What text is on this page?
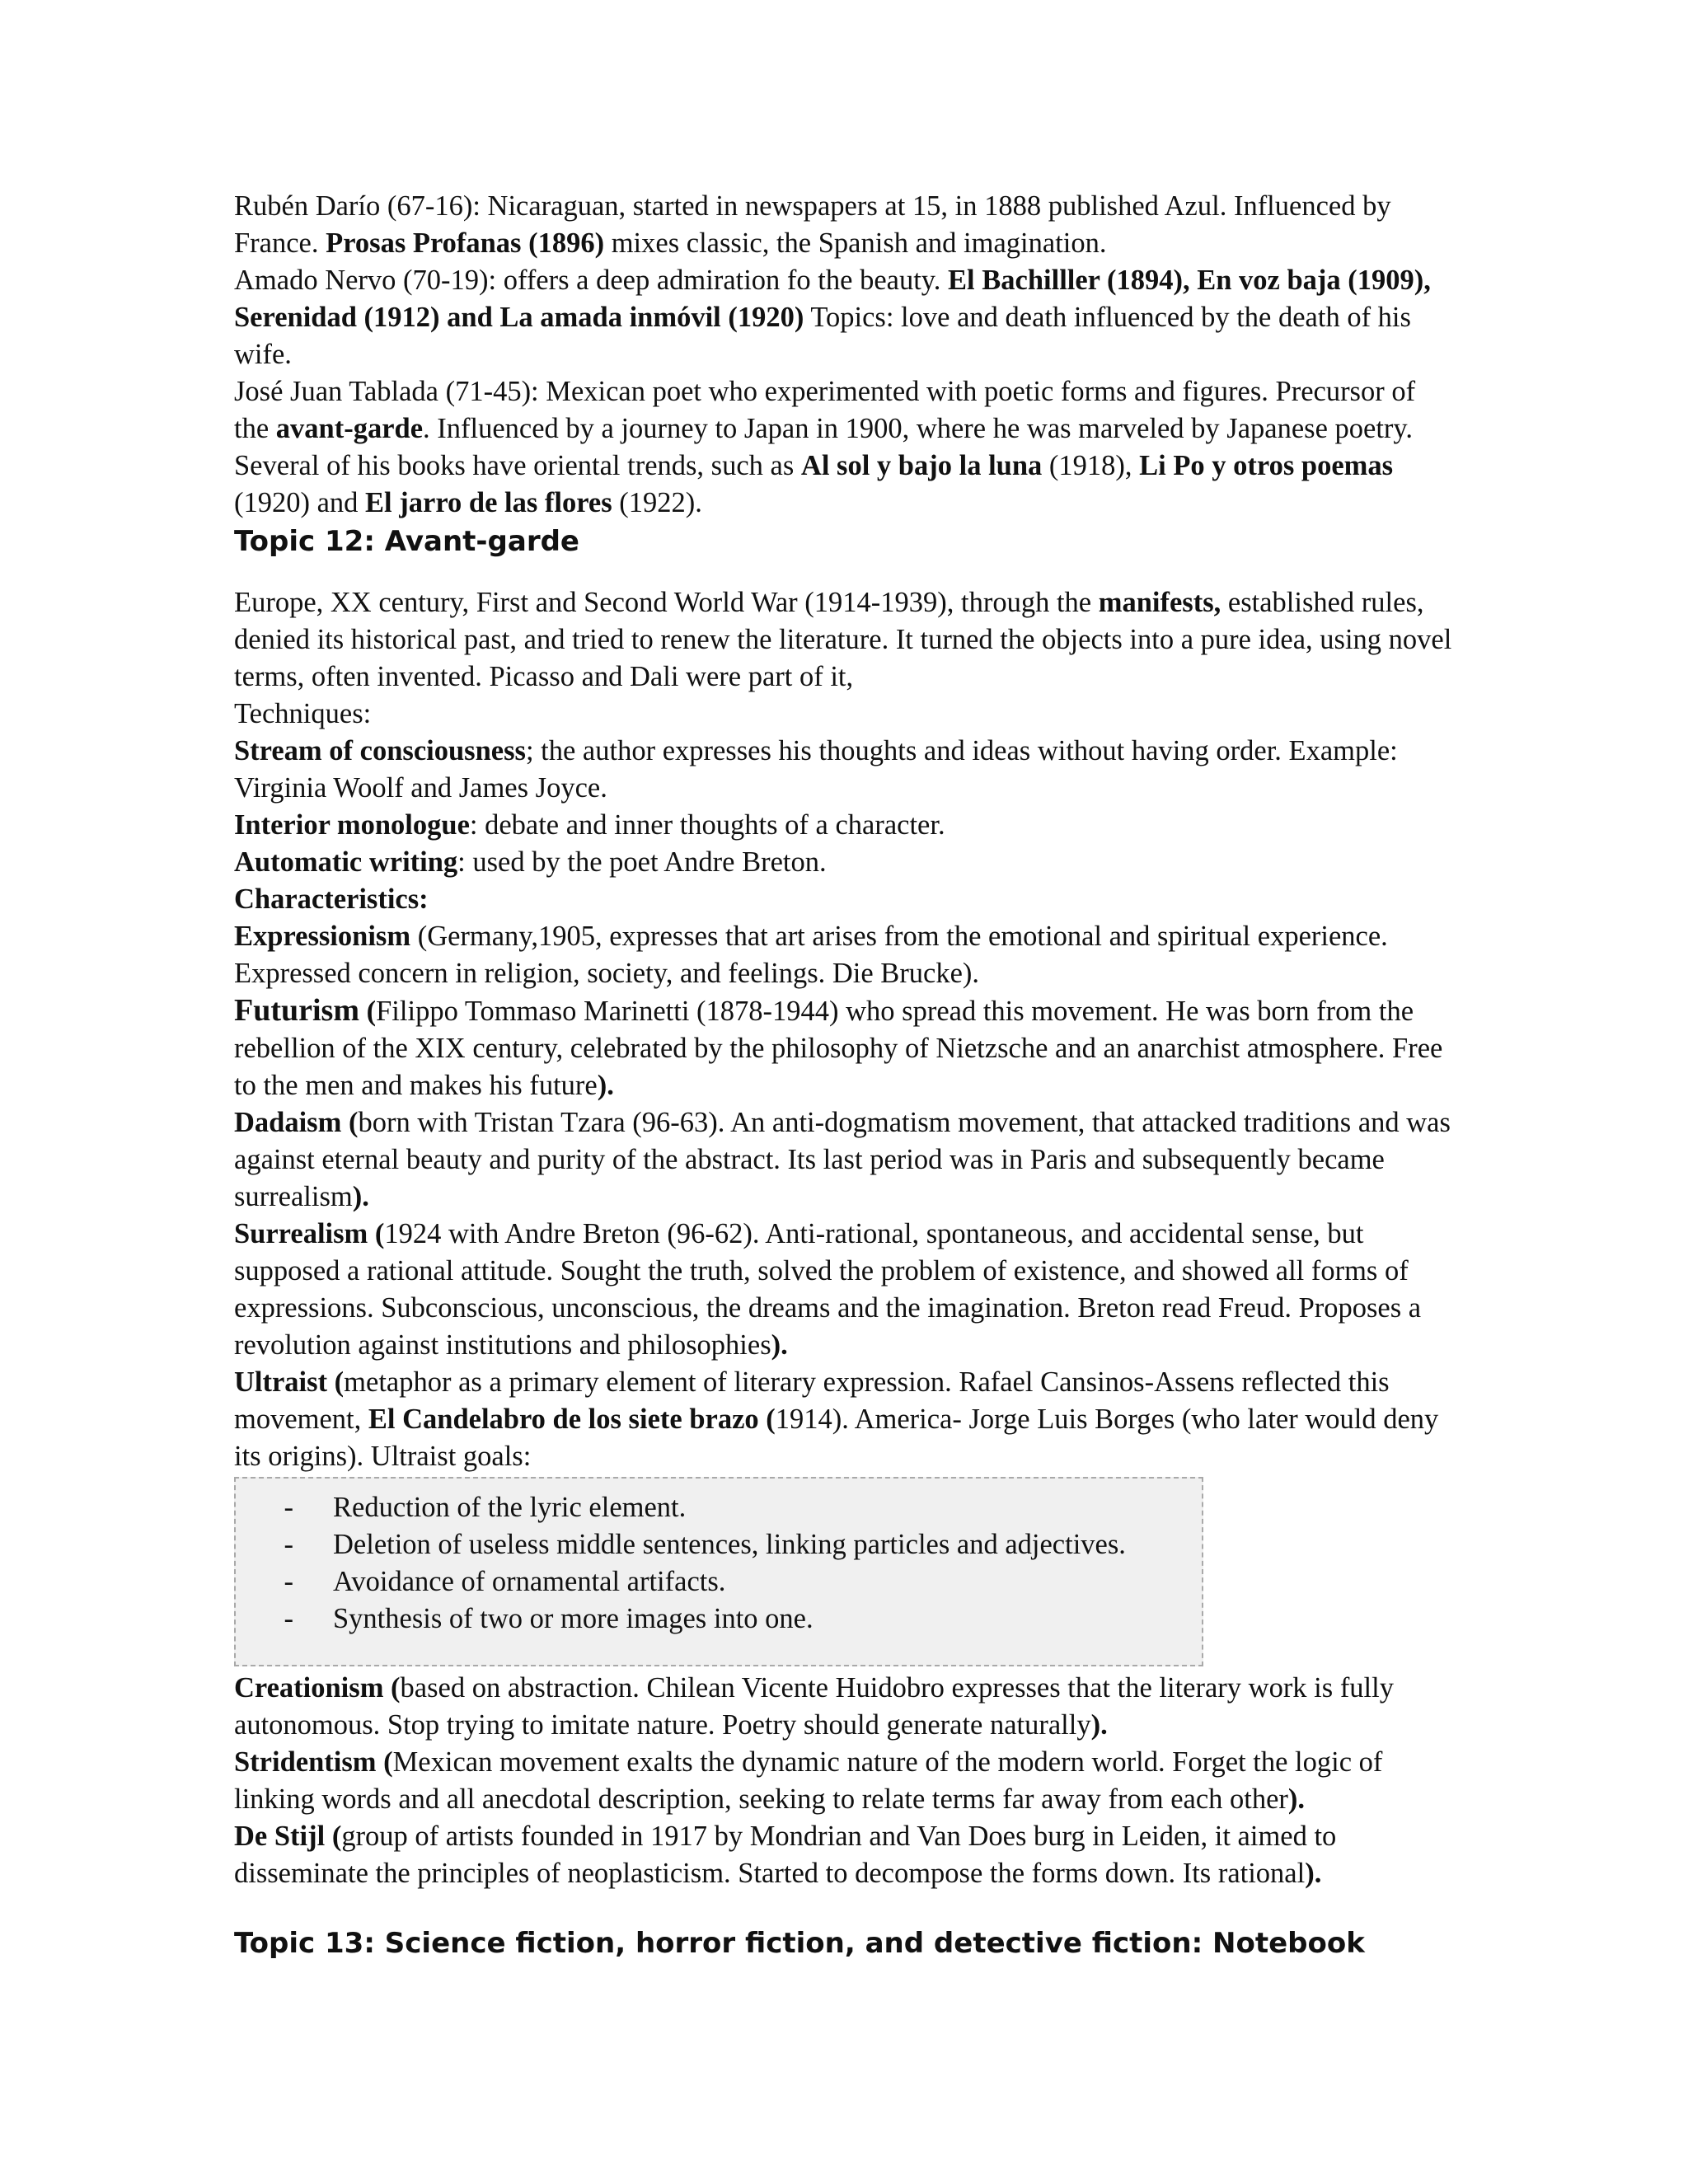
Rubén Darío (67-16): Nicaraguan, started in newspapers at 15, in 1888 published Azul. Influenced by France. Prosas Profanas (1896) mixes classic, the Spanish and imagination.

Amado Nervo (70-19): offers a deep admiration fo the beauty. El Bachilller (1894), En voz baja (1909), Serenidad (1912) and La amada inmóvil (1920) Topics: love and death influenced by the death of his wife.

José Juan Tablada (71-45): Mexican poet who experimented with poetic forms and figures. Precursor of the avant-garde. Influenced by a journey to Japan in 1900, where he was marveled by Japanese poetry. Several of his books have oriental trends, such as Al sol y bajo la luna (1918), Li Po y otros poemas (1920) and El jarro de las flores (1922).

Topic 12: Avant-garde

Europe, XX century, First and Second World War (1914-1939), through the manifests, established rules, denied its historical past, and tried to renew the literature. It turned the objects into a pure idea, using novel terms, often invented. Picasso and Dali were part of it,

Techniques:

Stream of consciousness; the author expresses his thoughts and ideas without having order. Example: Virginia Woolf and James Joyce.

Interior monologue: debate and inner thoughts of a character.

Automatic writing: used by the poet Andre Breton.

Characteristics:

Expressionism (Germany,1905, expresses that art arises from the emotional and spiritual experience. Expressed concern in religion, society, and feelings. Die Brucke).

Futurism (Filippo Tommaso Marinetti (1878-1944) who spread this movement. He was born from the rebellion of the XIX century, celebrated by the philosophy of Nietzsche and an anarchist atmosphere. Free to the men and makes his future).

Dadaism (born with Tristan Tzara (96-63). An anti-dogmatism movement, that attacked traditions and was against eternal beauty and purity of the abstract. Its last period was in Paris and subsequently became surrealism).

Surrealism (1924 with Andre Breton (96-62). Anti-rational, spontaneous, and accidental sense, but supposed a rational attitude. Sought the truth, solved the problem of existence, and showed all forms of expressions. Subconscious, unconscious, the dreams and the imagination. Breton read Freud. Proposes a revolution against institutions and philosophies).

Ultraist (metaphor as a primary element of literary expression. Rafael Cansinos-Assens reflected this movement, El Candelabro de los siete brazo (1914). America- Jorge Luis Borges (who later would deny its origins). Ultraist goals:

-	Reduction of the lyric element.
-	Deletion of useless middle sentences, linking particles and adjectives.
-	Avoidance of ornamental artifacts.
-	Synthesis of two or more images into one.

Creationism (based on abstraction. Chilean Vicente Huidobro expresses that the literary work is fully autonomous. Stop trying to imitate nature. Poetry should generate naturally).

Stridentism (Mexican movement exalts the dynamic nature of the modern world. Forget the logic of linking words and all anecdotal description, seeking to relate terms far away from each other).

De Stijl (group of artists founded in 1917 by Mondrian and Van Does burg in Leiden, it aimed to disseminate the principles of neoplasticism. Started to decompose the forms down. Its rational).

Topic 13: Science fiction, horror fiction, and detective fiction: Notebook
